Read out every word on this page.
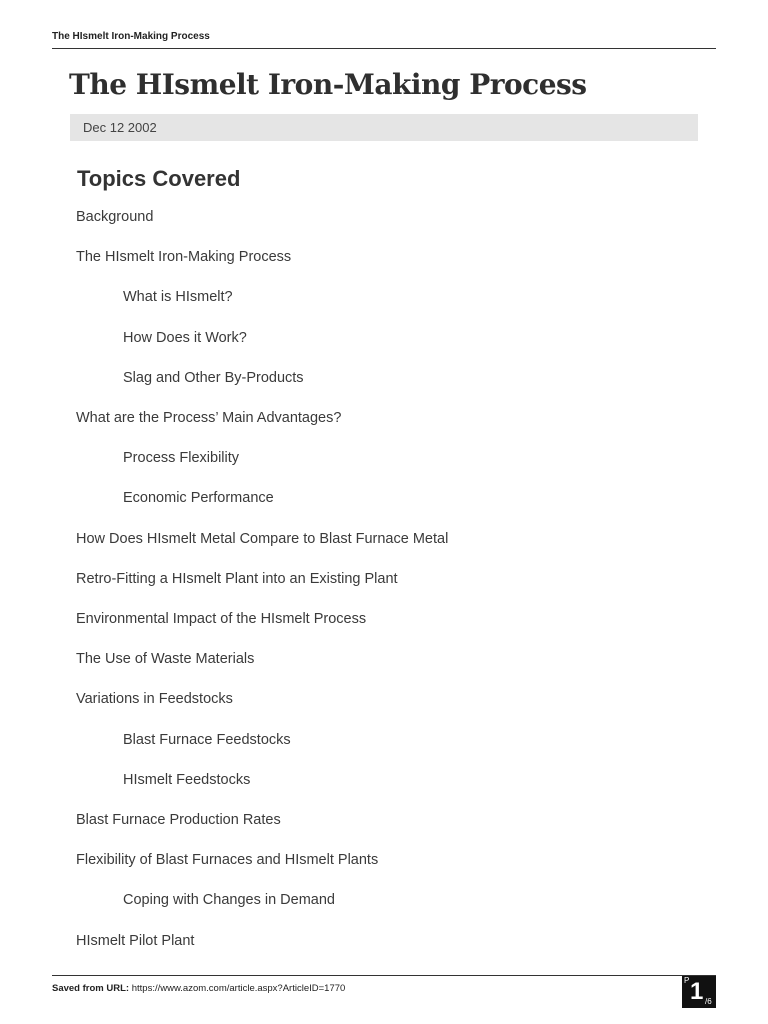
The HIsmelt Iron-Making Process
The HIsmelt Iron-Making Process
Dec 12 2002
Topics Covered
Background
The HIsmelt Iron-Making Process
What is HIsmelt?
How Does it Work?
Slag and Other By-Products
What are the Process’ Main Advantages?
Process Flexibility
Economic Performance
How Does HIsmelt Metal Compare to Blast Furnace Metal
Retro-Fitting a HIsmelt Plant into an Existing Plant
Environmental Impact of the HIsmelt Process
The Use of Waste Materials
Variations in Feedstocks
Blast Furnace Feedstocks
HIsmelt Feedstocks
Blast Furnace Production Rates
Flexibility of Blast Furnaces and HIsmelt Plants
Coping with Changes in Demand
HIsmelt Pilot Plant
Saved from URL: https://www.azom.com/article.aspx?ArticleID=1770
P 1 /6
